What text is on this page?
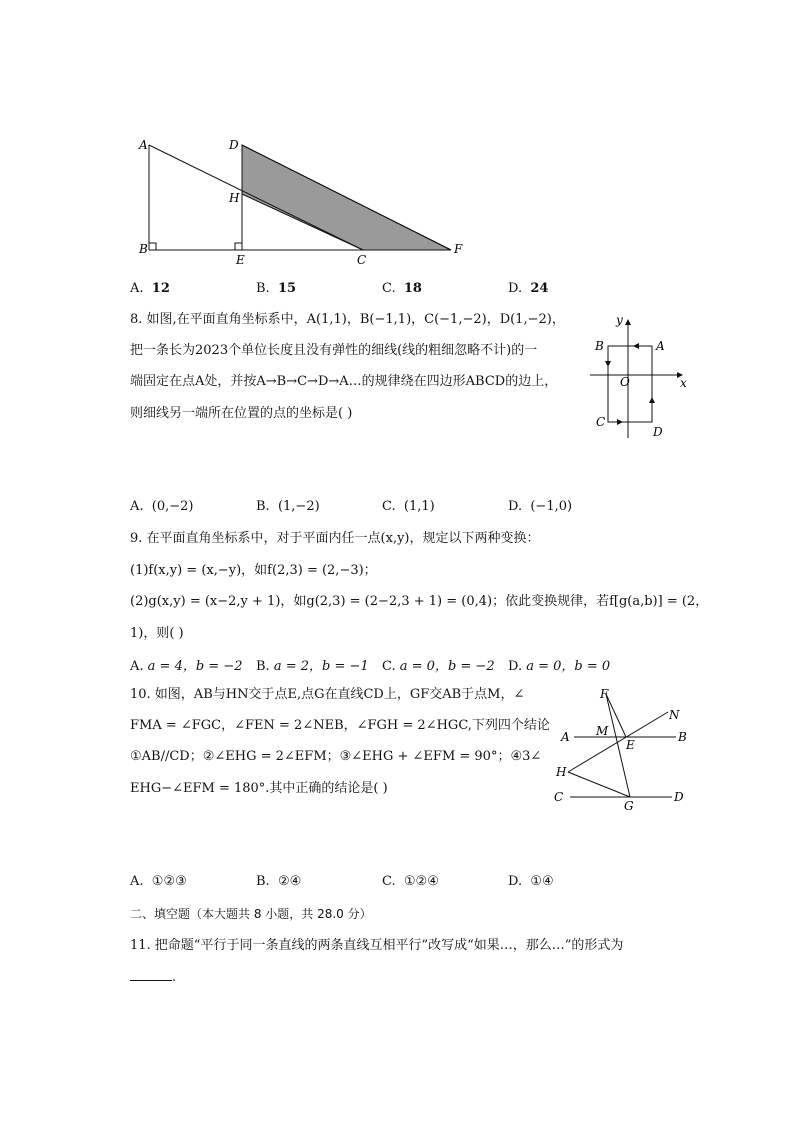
A
B
D
H
E	C
F
A. 12	B. 15	C. 18	D. 24
8. 如图,在平面直角坐标系中，A(1,1)，B(−1,1)，C(−1,−2)，D(1,−2)，
把一条长为2023个单位长度且没有弹性的细线(线的粗细忽略不计)的一
端固定在点A处，并按A→B→C→D→A…的规律绕在四边形ABCD的边上，
则细线另一端所在位置的点的坐标是( )
y
x
O
A
B
C
D
A. (0,−2)	B. (1,−2)	C. (1,1)	D. (−1,0)
9. 在平面直角坐标系中，对于平面内任一点(x,y)，规定以下两种变换：
(1)f(x,y) = (x,−y)，如f(2,3) = (2,−3)；
(2)g(x,y) = (x−2,y + 1)，如g(2,3) = (2−2,3 + 1) = (0,4)；依此变换规律，若f[g(a,b)] = (2，
1)，则( )
A. a = 4，b = −2 B. a = 2，b = −1 C. a = 0，b = −2 D. a = 0，b = 0
10. 如图，AB与HN交于点E,点G在直线CD上，GF交AB于点M，∠
FMA = ∠FGC，∠FEN = 2∠NEB，∠FGH = 2∠HGC,下列四个结论
①AB//CD；②∠EHG = 2∠EFM；③∠EHG + ∠EFM = 90°；④3∠
EHG−∠EFM = 180°.其中正确的结论是( )
F
N
A M
E
B
H
C
G
D
A. ①②③	B. ②④	C. ①②④	D. ①④
二、填空题（本大题共 8 小题，共 28.0 分）
11. 把命题“平行于同一条直线的两条直线互相平行”改写成“如果…，那么…”的形式为
.
